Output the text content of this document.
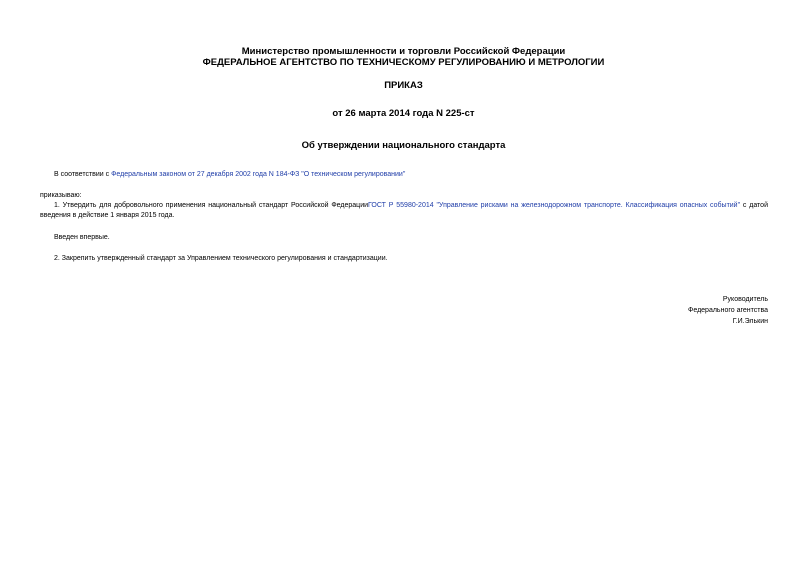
Министерство промышленности и торговли Российской Федерации
ФЕДЕРАЛЬНОЕ АГЕНТСТВО ПО ТЕХНИЧЕСКОМУ РЕГУЛИРОВАНИЮ И МЕТРОЛОГИИ
ПРИКАЗ
от 26 марта 2014 года N 225-ст
Об утверждении национального стандарта
В соответствии с Федеральным законом от 27 декабря 2002 года N 184-ФЗ "О техническом регулировании"
приказываю:
1. Утвердить для добровольного применения национальный стандарт Российской ФедерацииГОСТ Р 55980-2014 "Управление рисками на железнодорожном транспорте. Классификация опасных событий" с датой введения в действие 1 января 2015 года.
Введен впервые.
2. Закрепить утвержденный стандарт за Управлением технического регулирования и стандартизации.
Руководитель
Федерального агентства
Г.И.Элькин
